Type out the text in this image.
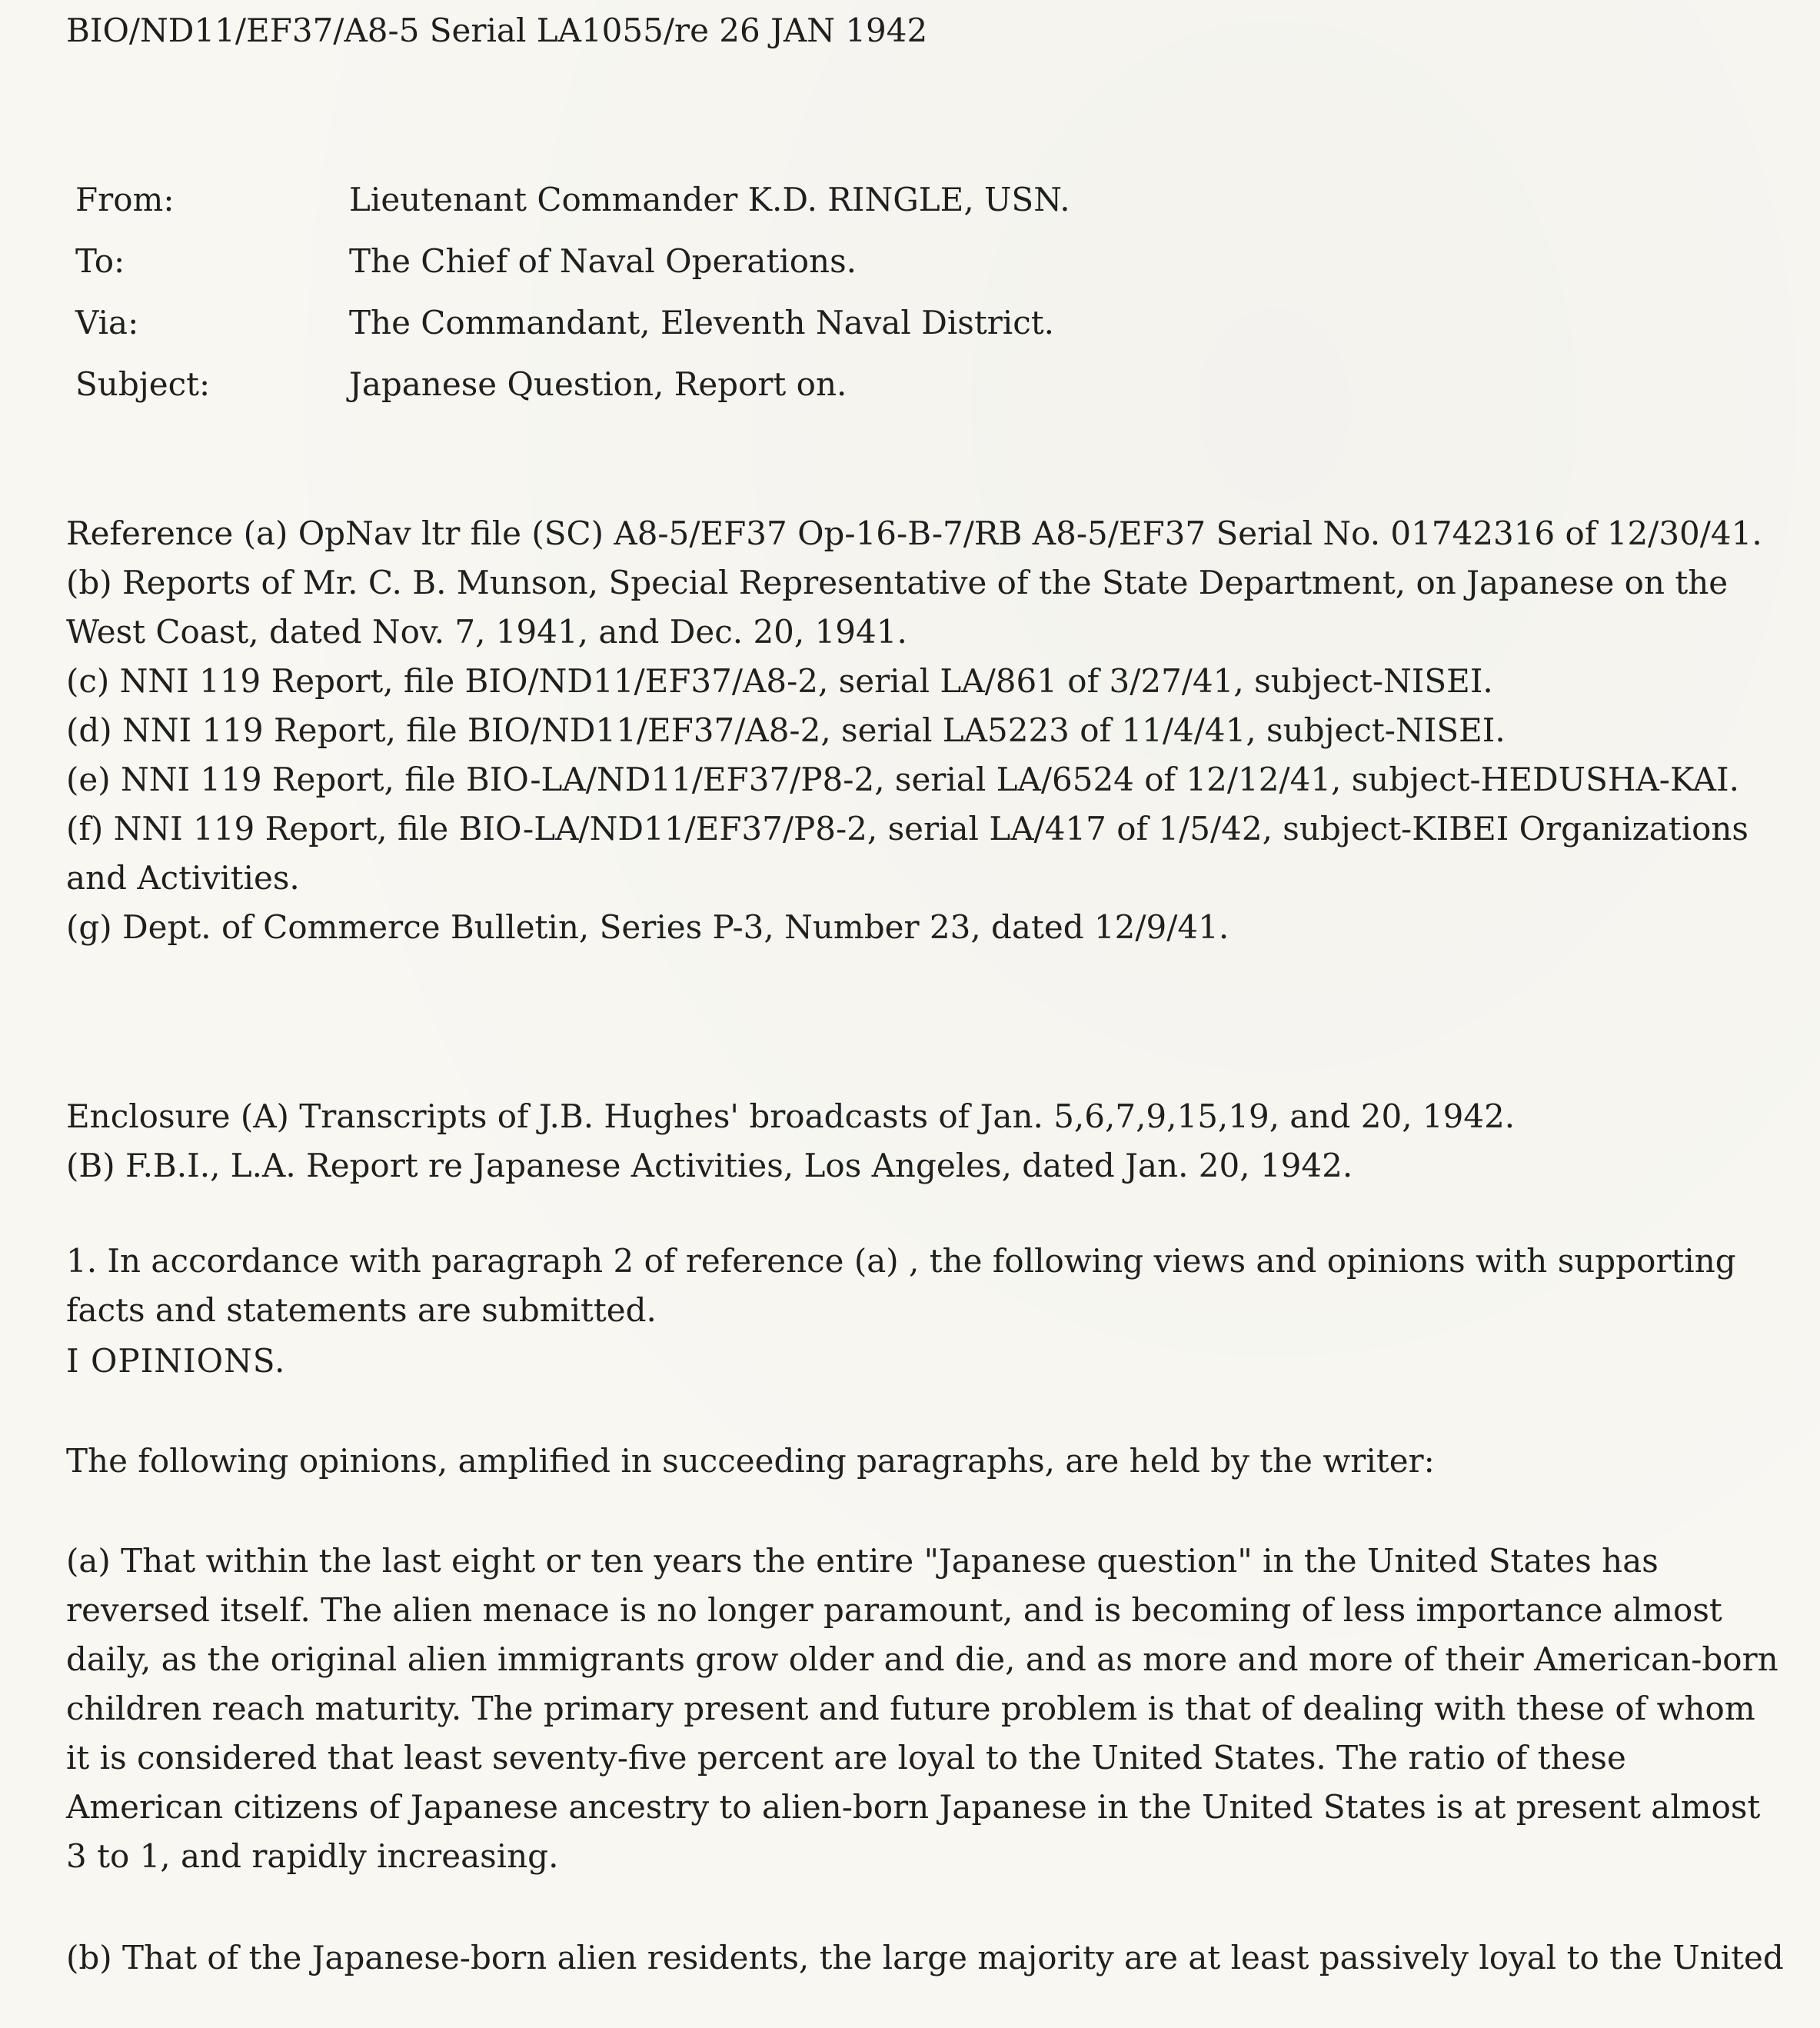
BIO/ND11/EF37/A8-5 Serial LA1055/re 26 JAN 1942
From:	Lieutenant Commander K.D. RINGLE, USN.
To:	The Chief of Naval Operations.
Via:	The Commandant, Eleventh Naval District.
Subject:	Japanese Question, Report on.

Reference (a) OpNav ltr file (SC) A8-5/EF37 Op-16-B-7/RB A8-5/EF37 Serial No. 01742316 of 12/30/41.

(b) Reports of Mr. C. B. Munson, Special Representative of the State Department, on Japanese on the West Coast, dated Nov. 7, 1941, and Dec. 20, 1941.

(c) NNI 119 Report, file BIO/ND11/EF37/A8-2, serial LA/861 of 3/27/41, subject-NISEI.

(d) NNI 119 Report, file BIO/ND11/EF37/A8-2, serial LA5223 of 11/4/41, subject-NISEI.

(e) NNI 119 Report, file BIO-LA/ND11/EF37/P8-2, serial LA/6524 of 12/12/41, subject-HEDUSHA-KAI.

(f) NNI 119 Report, file BIO-LA/ND11/EF37/P8-2, serial LA/417 of 1/5/42, subject-KIBEI Organizations and Activities.

(g) Dept. of Commerce Bulletin, Series P-3, Number 23, dated 12/9/41.

Enclosure (A) Transcripts of J.B. Hughes' broadcasts of Jan. 5,6,7,9,15,19, and 20, 1942.

(B) F.B.I., L.A. Report re Japanese Activities, Los Angeles, dated Jan. 20, 1942.

1. In accordance with paragraph 2 of reference (a) , the following views and opinions with supporting facts and statements are submitted.

I OPINIONS.

The following opinions, amplified in succeeding paragraphs, are held by the writer:

(a) That within the last eight or ten years the entire "Japanese question" in the United States has reversed itself. The alien menace is no longer paramount, and is becoming of less importance almost daily, as the original alien immigrants grow older and die, and as more and more of their American-born children reach maturity. The primary present and future problem is that of dealing with these of whom it is considered that least seventy-five percent are loyal to the United States. The ratio of these American citizens of Japanese ancestry to alien-born Japanese in the United States is at present almost 3 to 1, and rapidly increasing.

(b) That of the Japanese-born alien residents, the large majority are at least passively loyal to the United
